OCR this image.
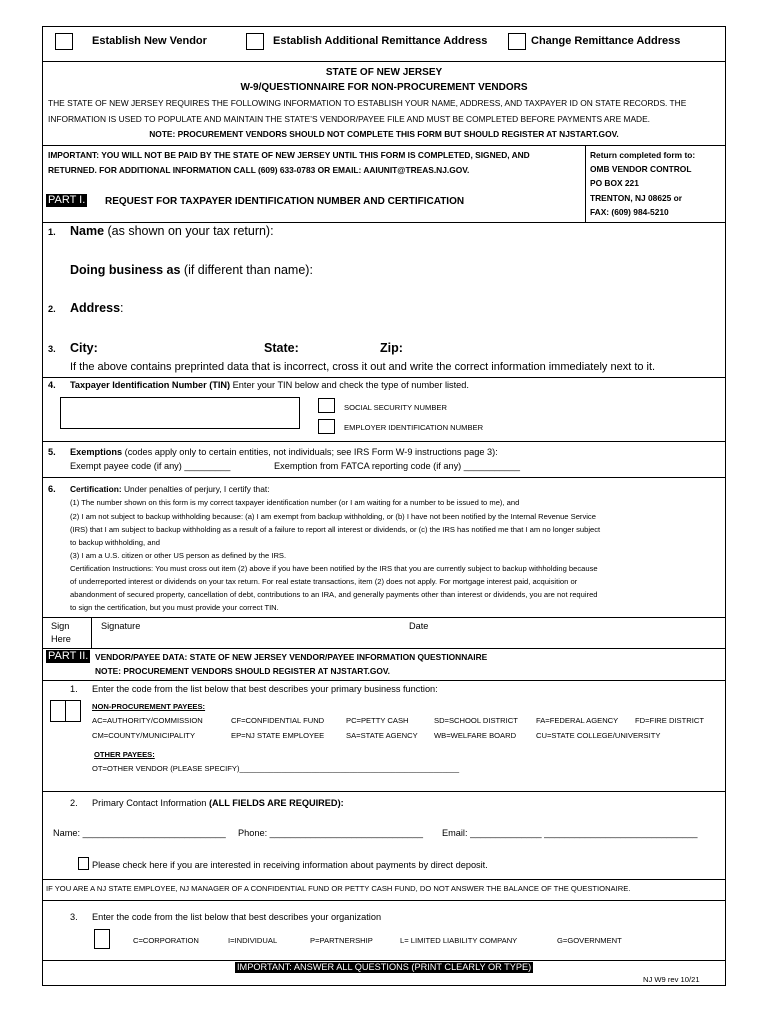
Establish New Vendor	Establish Additional Remittance Address	Change Remittance Address
STATE OF NEW JERSEY
W-9/QUESTIONNAIRE FOR NON-PROCUREMENT VENDORS
THE STATE OF NEW JERSEY REQUIRES THE FOLLOWING INFORMATION TO ESTABLISH YOUR NAME, ADDRESS, AND TAXPAYER ID ON STATE RECORDS. THE
INFORMATION IS USED TO POPULATE AND MAINTAIN THE STATE’S VENDOR/PAYEE FILE AND MUST BE COMPLETED BEFORE PAYMENTS ARE MADE.
NOTE: PROCUREMENT VENDORS SHOULD NOT COMPLETE THIS FORM BUT SHOULD REGISTER AT NJSTART.GOV.
IMPORTANT: YOU WILL NOT BE PAID BY THE STATE OF NEW JERSEY UNTIL THIS FORM IS COMPLETED, SIGNED, AND
RETURNED. FOR ADDITIONAL INFORMATION CALL (609) 633-0783 OR EMAIL: AAIUNIT@TREAS.NJ.GOV.
Return completed form to:
OMB VENDOR CONTROL
PO BOX 221
TRENTON, NJ 08625 or
FAX: (609) 984-5210
PART I. REQUEST FOR TAXPAYER IDENTIFICATION NUMBER AND CERTIFICATION
1. Name (as shown on your tax return):
Doing business as (if different than name):
2. Address:
3. City:	State:	Zip:
If the above contains preprinted data that is incorrect, cross it out and write the correct information immediately next to it.
4. Taxpayer Identification Number (TIN) Enter your TIN below and check the type of number listed.
SOCIAL SECURITY NUMBER
EMPLOYER IDENTIFICATION NUMBER
5. Exemptions (codes apply only to certain entities, not individuals; see IRS Form W-9 instructions page 3):
Exempt payee code (if any) _________	Exemption from FATCA reporting code (if any) ___________
6. Certification: Under penalties of perjury, I certify that:
(1) The number shown on this form is my correct taxpayer identification number (or I am waiting for a number to be issued to me), and
(2) I am not subject to backup withholding because: (a) I am exempt from backup withholding, or (b) I have not been notified by the Internal Revenue Service
(IRS) that I am subject to backup withholding as a result of a failure to report all interest or dividends, or (c) the IRS has notified me that I am no longer subject
to backup withholding, and
(3) I am a U.S. citizen or other US person as defined by the IRS.
Certification Instructions: You must cross out item (2) above if you have been notified by the IRS that you are currently subject to backup withholding because
of underreported interest or dividends on your tax return. For real estate transactions, item (2) does not apply. For mortgage interest paid, acquisition or
abandonment of secured property, cancellation of debt, contributions to an IRA, and generally payments other than interest or dividends, you are not required
to sign the certification, but you must provide your correct TIN.
Sign
Here
Signature	Date
PART II. VENDOR/PAYEE DATA: STATE OF NEW JERSEY VENDOR/PAYEE INFORMATION QUESTIONNAIRE
NOTE: PROCUREMENT VENDORS SHOULD REGISTER AT NJSTART.GOV.
1. Enter the code from the list below that best describes your primary business function:
NON-PROCUREMENT PAYEES:
AC=AUTHORITY/COMMISSION	CF=CONFIDENTIAL FUND	PC=PETTY CASH	SD=SCHOOL DISTRICT FA=FEDERAL AGENCY FD=FIRE DISTRICT
CM=COUNTY/MUNICIPALITY	EP=NJ STATE EMPLOYEE	SA=STATE AGENCY WB=WELFARE BOARD	CU=STATE COLLEGE/UNIVERSITY
OTHER PAYEES:
OT=OTHER VENDOR (PLEASE SPECIFY)____________________________________________________
2. Primary Contact Information (ALL FIELDS ARE REQUIRED):
Name: ____________________________ Phone: ______________________________ Email: ______________ ______________________________
Please check here if you are interested in receiving information about payments by direct deposit.
IF YOU ARE A NJ STATE EMPLOYEE, NJ MANAGER OF A CONFIDENTIAL FUND OR PETTY CASH FUND, DO NOT ANSWER THE BALANCE OF THE QUESTIONAIRE.
3. Enter the code from the list below that best describes your organization
C=CORPORATION	I=INDIVIDUAL	P=PARTNERSHIP	L= LIMITED LIABILITY COMPANY	G=GOVERNMENT
IMPORTANT: ANSWER ALL QUESTIONS (PRINT CLEARLY OR TYPE)
NJ W9 rev 10/21
